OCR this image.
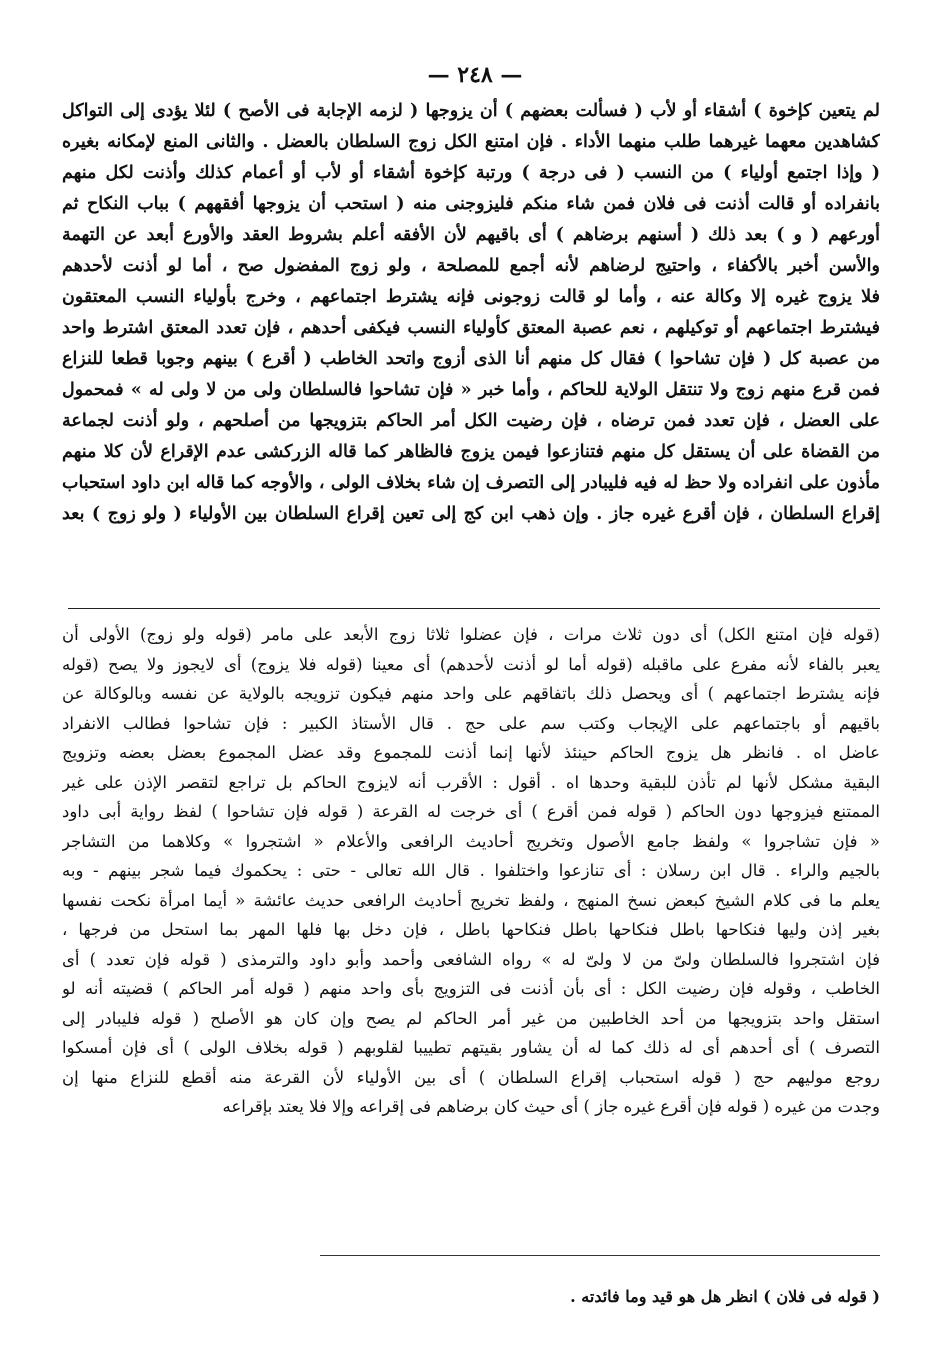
— ٢٤٨ —
لم يتعين كإخوة ) أشقاء أو لأب ( فسألت بعضهم ) أن يزوجها ( لزمه الإجابة فى الأصح ) لئلا يؤدى إلى التواكل
كشاهدين معهما غيرهما طلب منهما الأداء . فإن امتنع الكل زوج السلطان بالعضل . والثانى المنع لإمكانه بغيره
( وإذا اجتمع أولياء ) من النسب ( فى درجة ) ورتبة كإخوة أشقاء أو لأب أو أعمام كذلك وأذنت لكل منهم
بانفراده أو قالت أذنت فى فلان فمن شاء منكم فليزوجنى منه ( استحب أن يزوجها أفقههم ) بباب النكاح ثم
أورعهم ( و ) بعد ذلك ( أسنهم برضاهم ) أى باقيهم لأن الأفقه أعلم بشروط العقد والأورع أبعد عن التهمة
والأسن أخبر بالأكفاء ، واحتيج لرضاهم لأنه أجمع للمصلحة ، ولو زوج المفضول صح ، أما لو أذنت لأحدهم
فلا يزوج غيره إلا وكالة عنه ، وأما لو قالت زوجونى فإنه يشترط اجتماعهم ، وخرج بأولياء النسب المعتقون
فيشترط اجتماعهم أو توكيلهم ، نعم عصبة المعتق كأولياء النسب فيكفى أحدهم ، فإن تعدد المعتق اشترط واحد
من عصبة كل ( فإن تشاحوا ) فقال كل منهم أنا الذى أزوج واتحد الخاطب ( أقرع ) بينهم وجوبا قطعا للنزاع
فمن قرع منهم زوج ولا تنتقل الولاية للحاكم ، وأما خبر « فإن تشاحوا فالسلطان ولى من لا ولى له » فمحمول
على العضل ، فإن تعدد فمن ترضاه ، فإن رضيت الكل أمر الحاكم بتزويجها من أصلحهم ، ولو أذنت لجماعة
من القضاة على أن يستقل كل منهم فتنازعوا فيمن يزوج فالظاهر كما قاله الزركشى عدم الإقراع لأن كلا منهم
مأذون على انفراده ولا حظ له فيه فليبادر إلى التصرف إن شاء بخلاف الولى ، والأوجه كما قاله ابن داود استحباب
إقراع السلطان ، فإن أقرع غيره جاز . وإن ذهب ابن كج إلى تعين إقراع السلطان بين الأولياء ( ولو زوج ) بعد
(قوله فإن امتنع الكل) أى دون ثلاث مرات ، فإن عضلوا ثلاثا زوج الأبعد على مامر (قوله ولو زوج) الأولى أن
يعبر بالفاء لأنه مفرع على ماقبله (قوله أما لو أذنت لأحدهم) أى معينا (قوله فلا يزوج) أى لايجوز ولا يصح (قوله
فإنه يشترط اجتماعهم ) أى ويحصل ذلك باتفاقهم على واحد منهم فيكون تزويجه بالولاية عن نفسه وبالوكالة عن
باقيهم أو باجتماعهم على الإيجاب وكتب سم على حج . قال الأستاذ الكبير : فإن تشاحوا فطالب الانفراد
عاضل اه . فانظر هل يزوج الحاكم حينئذ لأنها إنما أذنت للمجموع وقد عضل المجموع بعضل بعضه وتزويج
البقية مشكل لأنها لم تأذن للبقية وحدها اه . أقول : الأقرب أنه لايزوج الحاكم بل تراجع لتقصر الإذن على غير
الممتنع فيزوجها دون الحاكم ( قوله فمن أقرع ) أى خرجت له القرعة ( قوله فإن تشاحوا ) لفظ رواية أبى داود
« فإن تشاجروا » ولفظ جامع الأصول وتخريج أحاديث الرافعى والأعلام « اشتجروا » وكلاهما من التشاجر
بالجيم والراء . قال ابن رسلان : أى تنازعوا واختلفوا . قال الله تعالى - حتى : يحكموك فيما شجر بينهم - وبه
يعلم ما فى كلام الشيخ كبعض نسخ المنهج ، ولفظ تخريج أحاديث الرافعى حديث عائشة « أيما امرأة نكحت نفسها
بغير إذن وليها فنكاحها باطل فنكاحها باطل فنكاحها باطل ، فإن دخل بها فلها المهر بما استحل من فرجها ،
فإن اشتجروا فالسلطان ولىّ من لا ولىّ له » رواه الشافعى وأحمد وأبو داود والترمذى ( قوله فإن تعدد ) أى
الخاطب ، وقوله فإن رضيت الكل : أى بأن أذنت فى التزويج بأى واحد منهم ( قوله أمر الحاكم ) قضيته أنه لو
استقل واحد بتزويجها من أحد الخاطبين من غير أمر الحاكم لم يصح وإن كان هو الأصلح ( قوله فليبادر إلى
التصرف ) أى أحدهم أى له ذلك كما له أن يشاور بقيتهم تطييبا لقلوبهم ( قوله بخلاف الولى ) أى فإن أمسكوا
روجع موليهم حج ( قوله استحباب إقراع السلطان ) أى بين الأولياء لأن القرعة منه أقطع للنزاع منها إن
وجدت من غيره ( قوله فإن أقرع غيره جاز ) أى حيث كان برضاهم فى إقراعه وإلا فلا يعتد بإقراعه
( قوله فى فلان ) انظر هل هو قيد وما فائدته .
